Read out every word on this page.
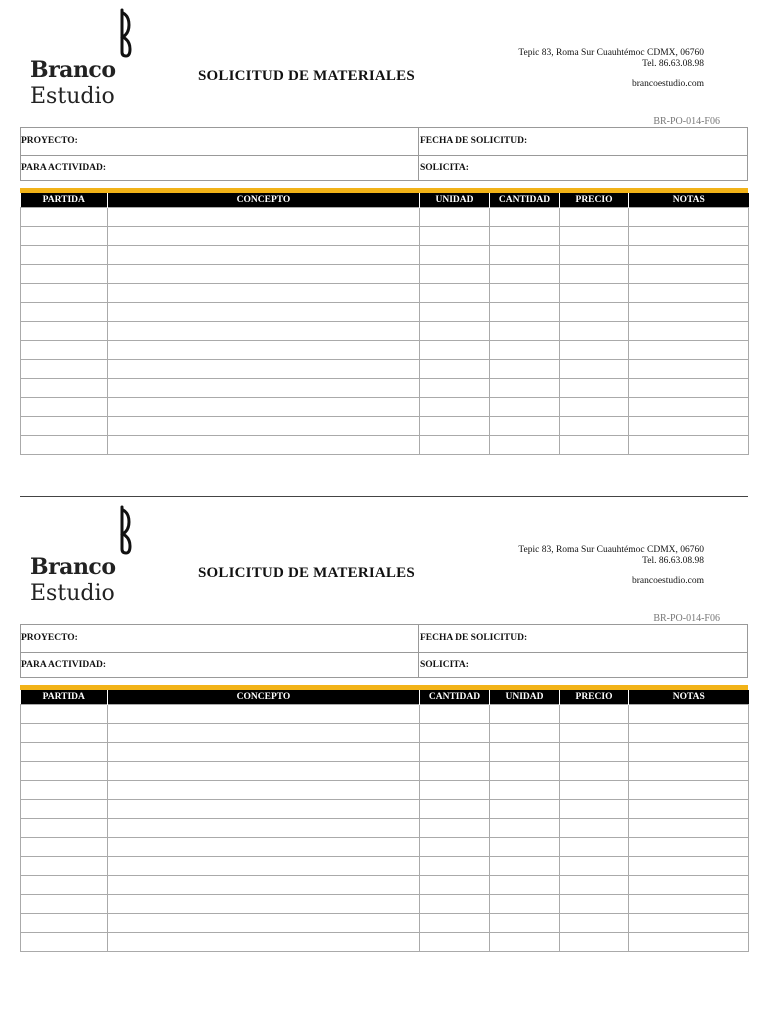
Branco
Estudio
SOLICITUD DE MATERIALES
Tepic 83, Roma Sur Cuauhtémoc CDMX, 06760
Tel. 86.63.08.98
brancoestudio.com
BR-PO-014-F06
PROYECTO:	FECHA DE SOLICITUD:
PARA ACTIVIDAD:	SOLICITA:
PARTIDA	CONCEPTO	UNIDAD	CANTIDAD	PRECIO	NOTAS

Branco
Estudio
SOLICITUD DE MATERIALES
Tepic 83, Roma Sur Cuauhtémoc CDMX, 06760
Tel. 86.63.08.98
brancoestudio.com
BR-PO-014-F06
PROYECTO:	FECHA DE SOLICITUD:
PARA ACTIVIDAD:	SOLICITA:
PARTIDA	CONCEPTO	CANTIDAD	UNIDAD	PRECIO	NOTAS
